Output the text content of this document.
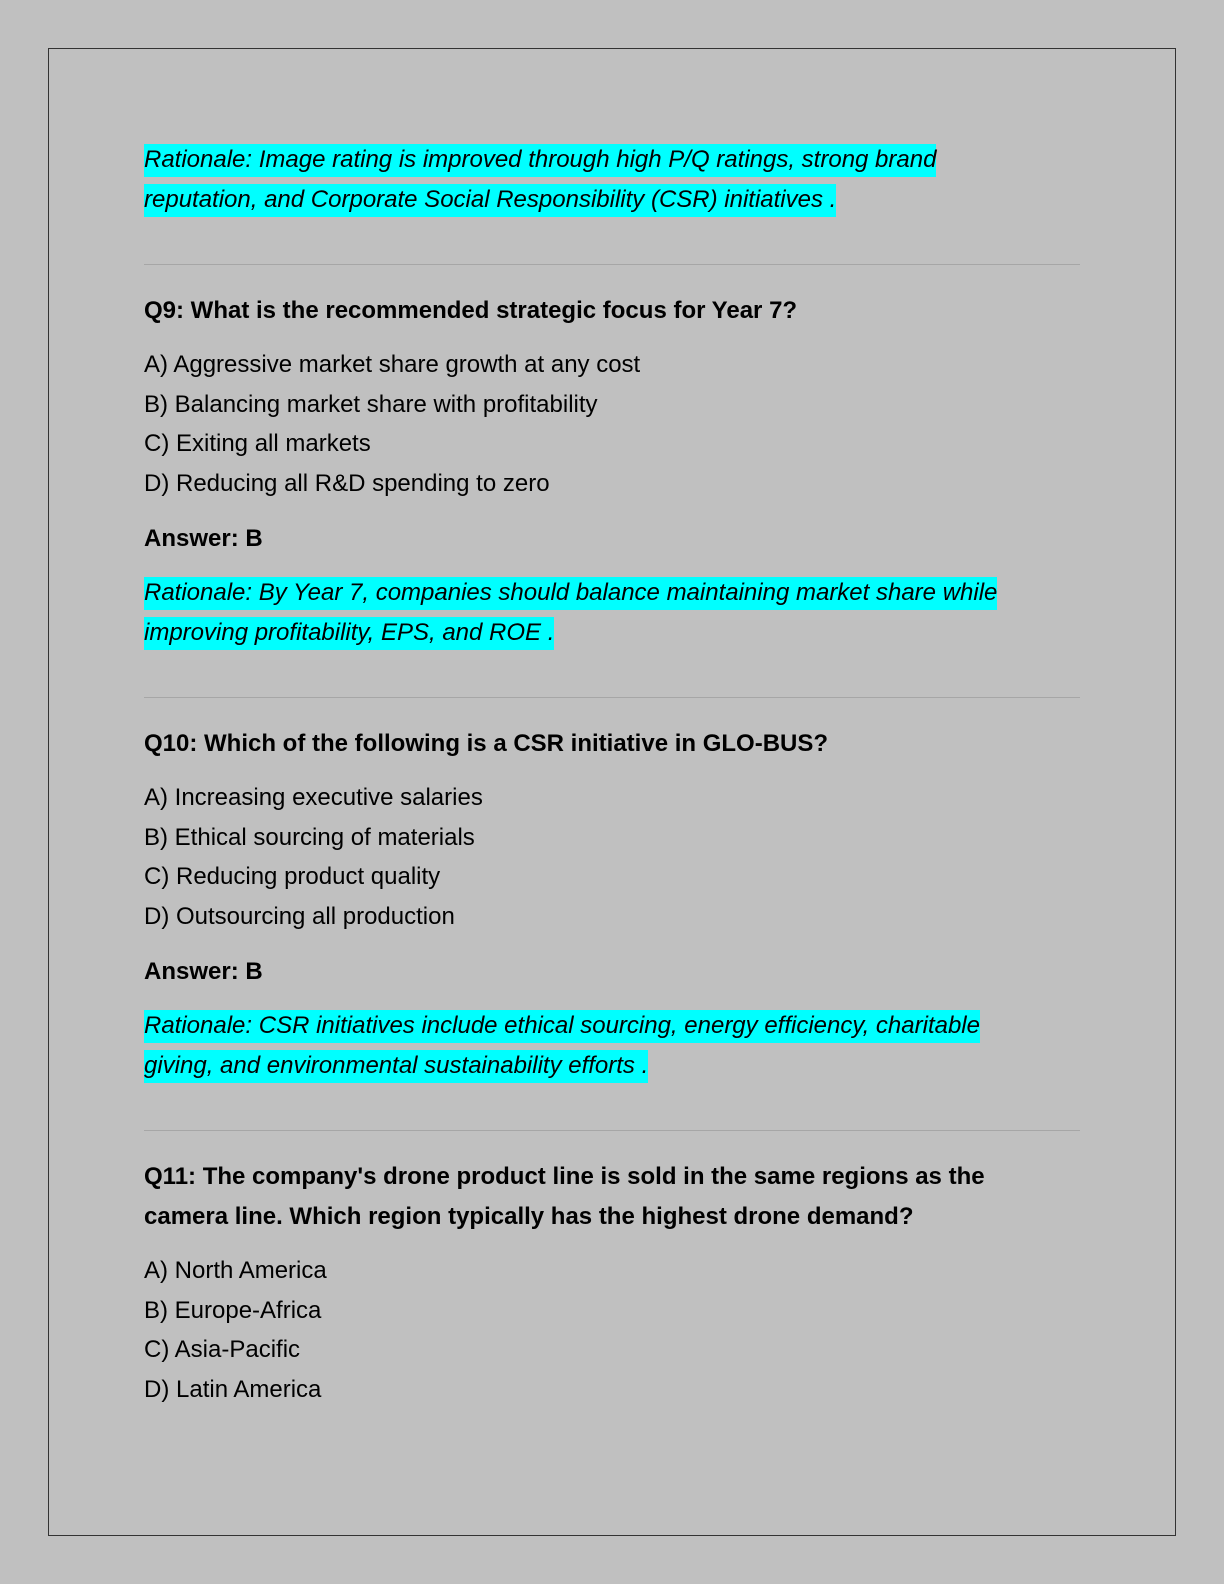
Rationale: Image rating is improved through high P/Q ratings, strong brand reputation, and Corporate Social Responsibility (CSR) initiatives .

Q9: What is the recommended strategic focus for Year 7?

A) Aggressive market share growth at any cost
B) Balancing market share with profitability
C) Exiting all markets
D) Reducing all R&D spending to zero

Answer: B

Rationale: By Year 7, companies should balance maintaining market share while improving profitability, EPS, and ROE .

Q10: Which of the following is a CSR initiative in GLO-BUS?

A) Increasing executive salaries
B) Ethical sourcing of materials
C) Reducing product quality
D) Outsourcing all production

Answer: B

Rationale: CSR initiatives include ethical sourcing, energy efficiency, charitable giving, and environmental sustainability efforts .

Q11: The company's drone product line is sold in the same regions as the camera line. Which region typically has the highest drone demand?

A) North America
B) Europe-Africa
C) Asia-Pacific
D) Latin America
